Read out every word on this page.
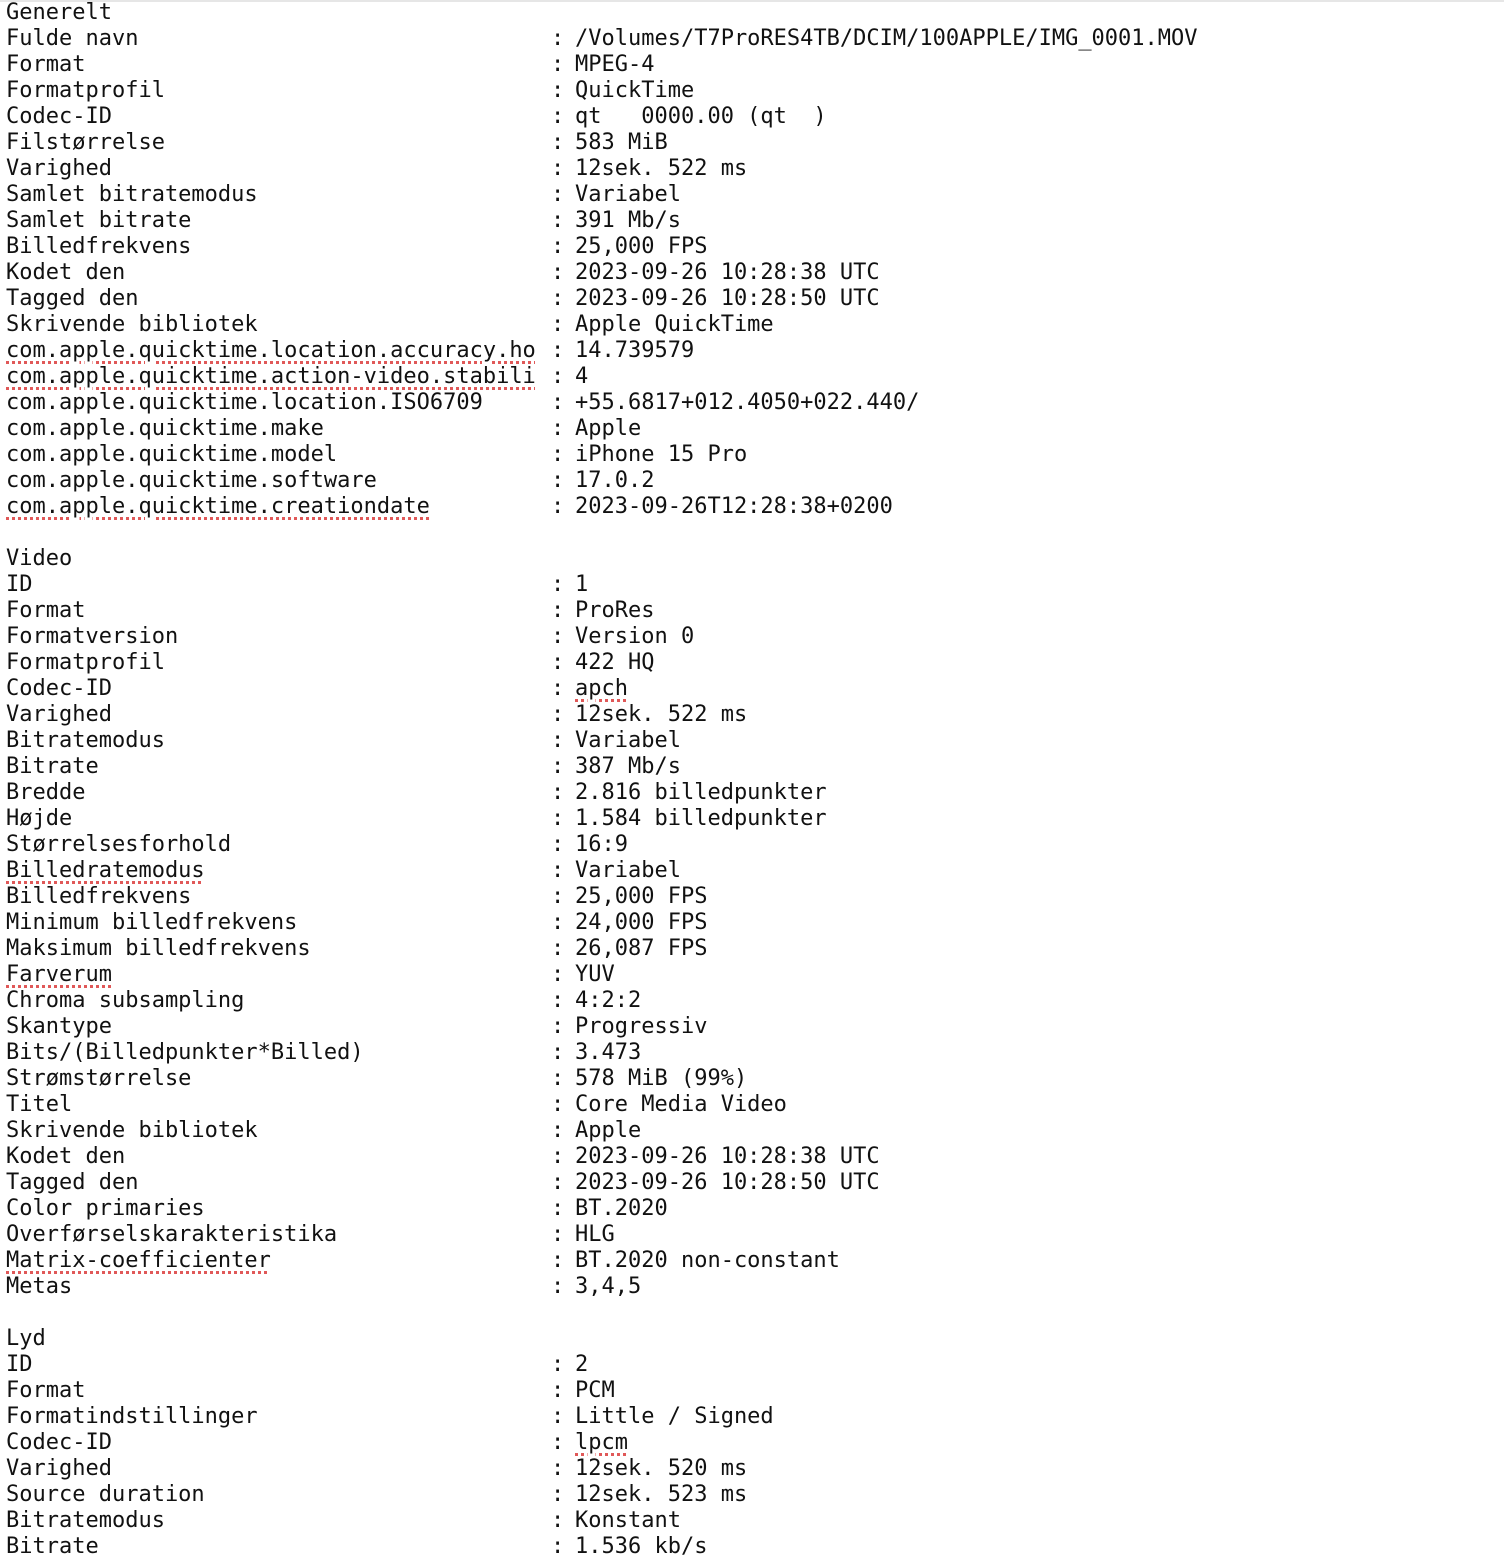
Generelt
Fulde navn	: /Volumes/T7ProRES4TB/DCIM/100APPLE/IMG_0001.MOV
Format	: MPEG-4
Formatprofil	: QuickTime
Codec-ID	: qt   0000.00 (qt  )
Filstørrelse	: 583 MiB
Varighed	: 12sek. 522 ms
Samlet bitratemodus	: Variabel
Samlet bitrate	: 391 Mb/s
Billedfrekvens	: 25,000 FPS
Kodet den	: 2023-09-26 10:28:38 UTC
Tagged den	: 2023-09-26 10:28:50 UTC
Skrivende bibliotek	: Apple QuickTime
com.apple.quicktime.location.accuracy.ho : 14.739579
com.apple.quicktime.action-video.stabili : 4
com.apple.quicktime.location.ISO6709	: +55.6817+012.4050+022.440/
com.apple.quicktime.make	: Apple
com.apple.quicktime.model	: iPhone 15 Pro
com.apple.quicktime.software	: 17.0.2
com.apple.quicktime.creationdate	: 2023-09-26T12:28:38+0200
Video
ID	: 1
Format	: ProRes
Formatversion	: Version 0
Formatprofil	: 422 HQ
Codec-ID	: apch
Varighed	: 12sek. 522 ms
Bitratemodus	: Variabel
Bitrate	: 387 Mb/s
Bredde	: 2.816 billedpunkter
Højde	: 1.584 billedpunkter
Størrelsesforhold	: 16:9
Billedratemodus	: Variabel
Billedfrekvens	: 25,000 FPS
Minimum billedfrekvens	: 24,000 FPS
Maksimum billedfrekvens	: 26,087 FPS
Farverum	: YUV
Chroma subsampling	: 4:2:2
Skantype	: Progressiv
Bits/(Billedpunkter*Billed)	: 3.473
Strømstørrelse	: 578 MiB (99%)
Titel	: Core Media Video
Skrivende bibliotek	: Apple
Kodet den	: 2023-09-26 10:28:38 UTC
Tagged den	: 2023-09-26 10:28:50 UTC
Color primaries	: BT.2020
Overførselskarakteristika	: HLG
Matrix-coefficienter	: BT.2020 non-constant
Metas	: 3,4,5
Lyd
ID	: 2
Format	: PCM
Formatindstillinger	: Little / Signed
Codec-ID	: lpcm
Varighed	: 12sek. 520 ms
Source duration	: 12sek. 523 ms
Bitratemodus	: Konstant
Bitrate	: 1.536 kb/s
